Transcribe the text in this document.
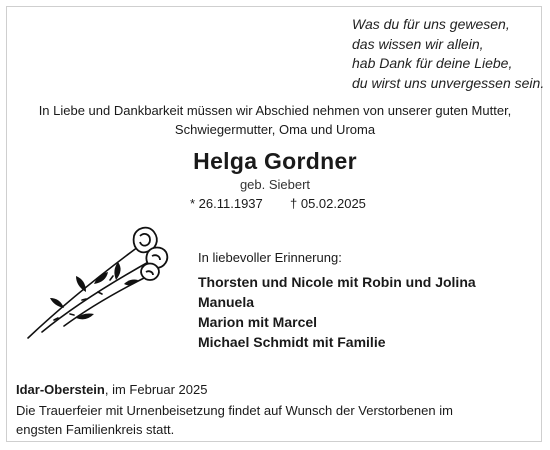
Was du für uns gewesen,
das wissen wir allein,
hab Dank für deine Liebe,
du wirst uns unvergessen sein.
In Liebe und Dankbarkeit müssen wir Abschied nehmen von unserer guten Mutter,
Schwiegermutter, Oma und Uroma
Helga Gordner
geb. Siebert
* 26.11.1937 † 05.02.2025
In liebevoller Erinnerung:
Thorsten und Nicole mit Robin und Jolina
Manuela
Marion mit Marcel
Michael Schmidt mit Familie
Idar-Oberstein, im Februar 2025
Die Trauerfeier mit Urnenbeisetzung findet auf Wunsch der Verstorbenen im
engsten Familienkreis statt.
